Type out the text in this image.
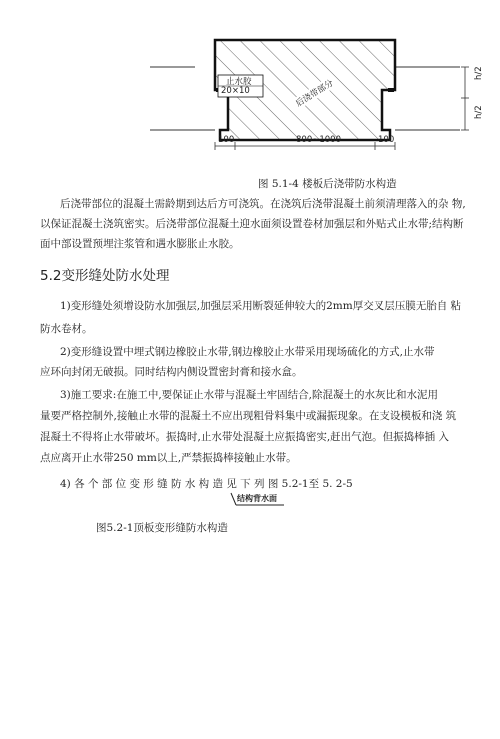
止水胶
20×10	后浇带部分
h/2
h/2
100	800~1000	100
图 5.1-4 楼板后浇带防水构造
后浇带部位的混凝土需龄期到达后方可浇筑。在浇筑后浇带混凝土前须清理落入的杂 物,
以保证混凝土浇筑密实。后浇带部位混凝土迎水面须设置卷材加强层和外贴式止水带;结构断
面中部设置预埋注浆管和遇水膨胀止水胶。
5.2变形缝处防水处理
1)变形缝处须增设防水加强层,加强层采用断裂延伸较大的2mm厚交叉层压膜无胎自 粘
防水卷材。
2)变形缝设置中埋式钢边橡胶止水带,钢边橡胶止水带采用现场硫化的方式,止水带
应环向封闭无破损。同时结构内侧设置密封膏和接水盒。
3)施工要求:在施工中,要保证止水带与混凝土牢固结合,除混凝土的水灰比和水泥用
量要严格控制外,接触止水带的混凝土不应出现粗骨料集中或漏振现象。在支设模板和浇 筑
混凝土不得将止水带破坏。振捣时,止水带处混凝土应振捣密实,赶出气泡。但振捣棒插 入
点应离开止水带250 mm以上,严禁振捣棒接触止水带。
4) 各 个 部 位 变 形 缝 防 水 构 造 见 下 列 图 5.2-1至 5. 2-5
结构背水面
图5.2-1顶板变形缝防水构造
